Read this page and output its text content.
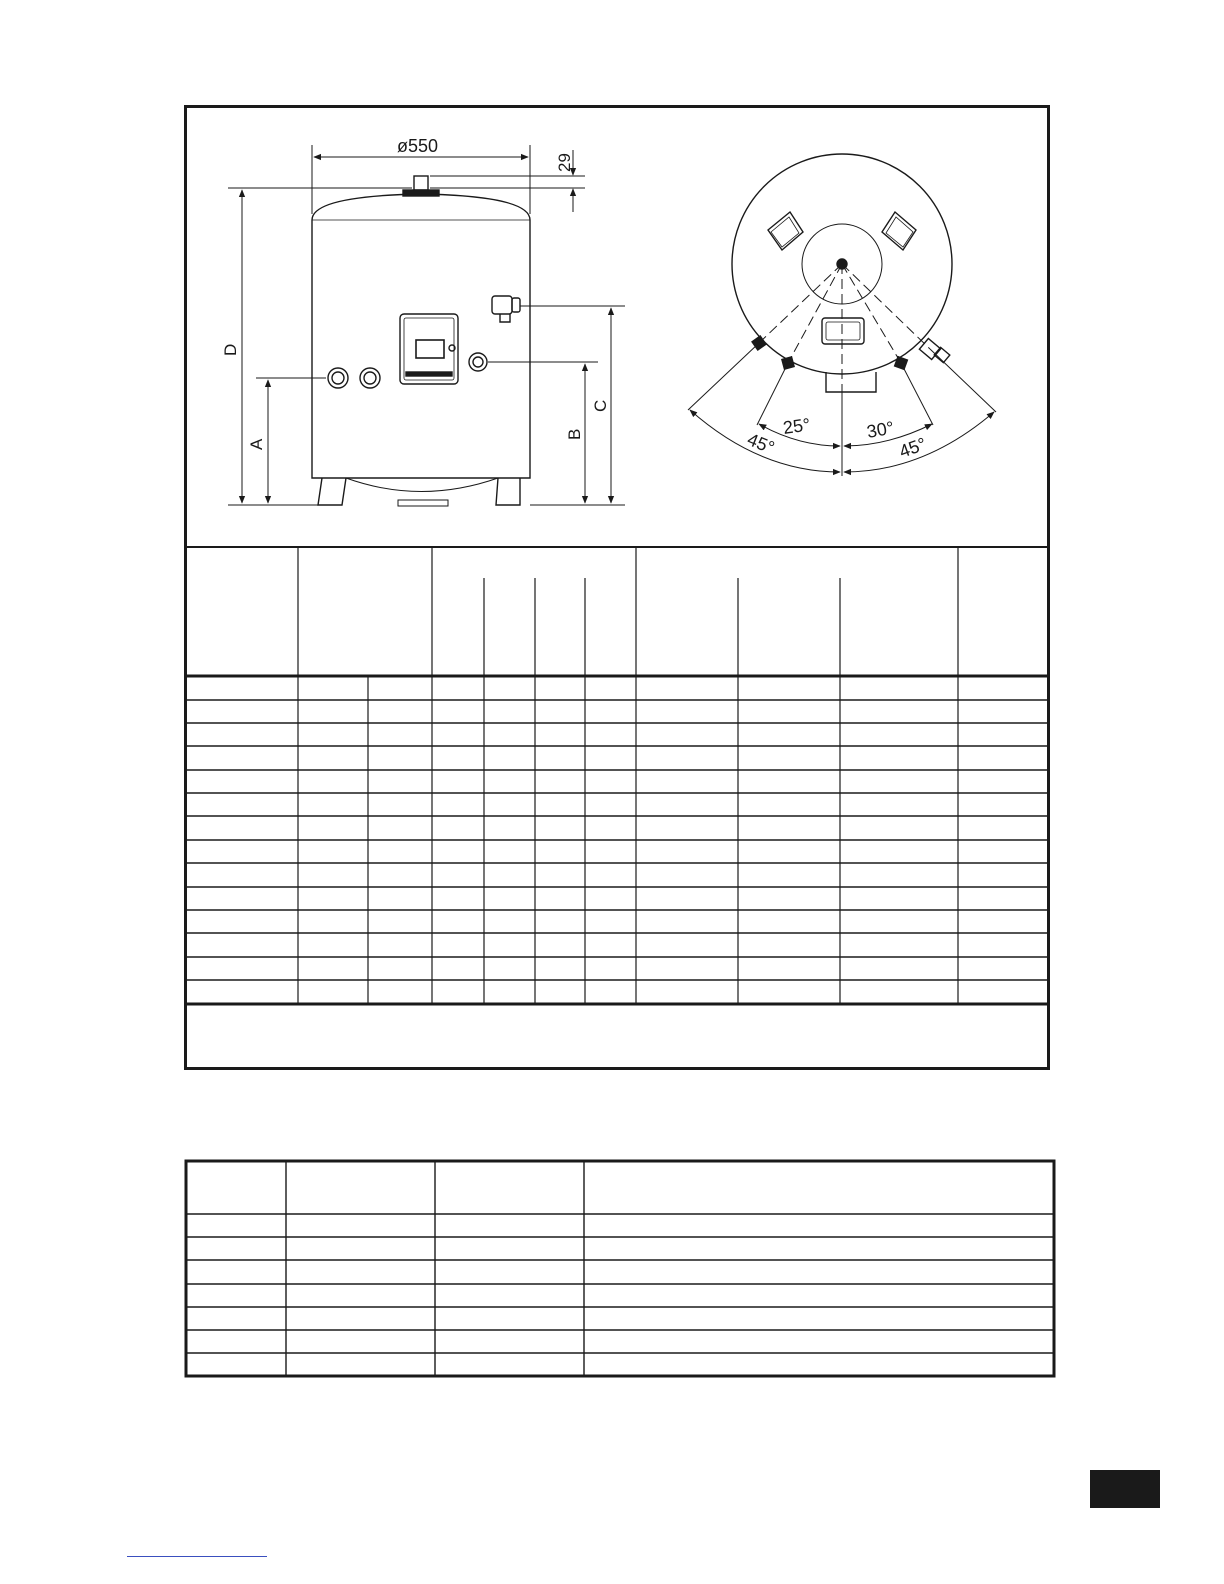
ø550
29
D
A
B
C
25°	30°
45°	45°
